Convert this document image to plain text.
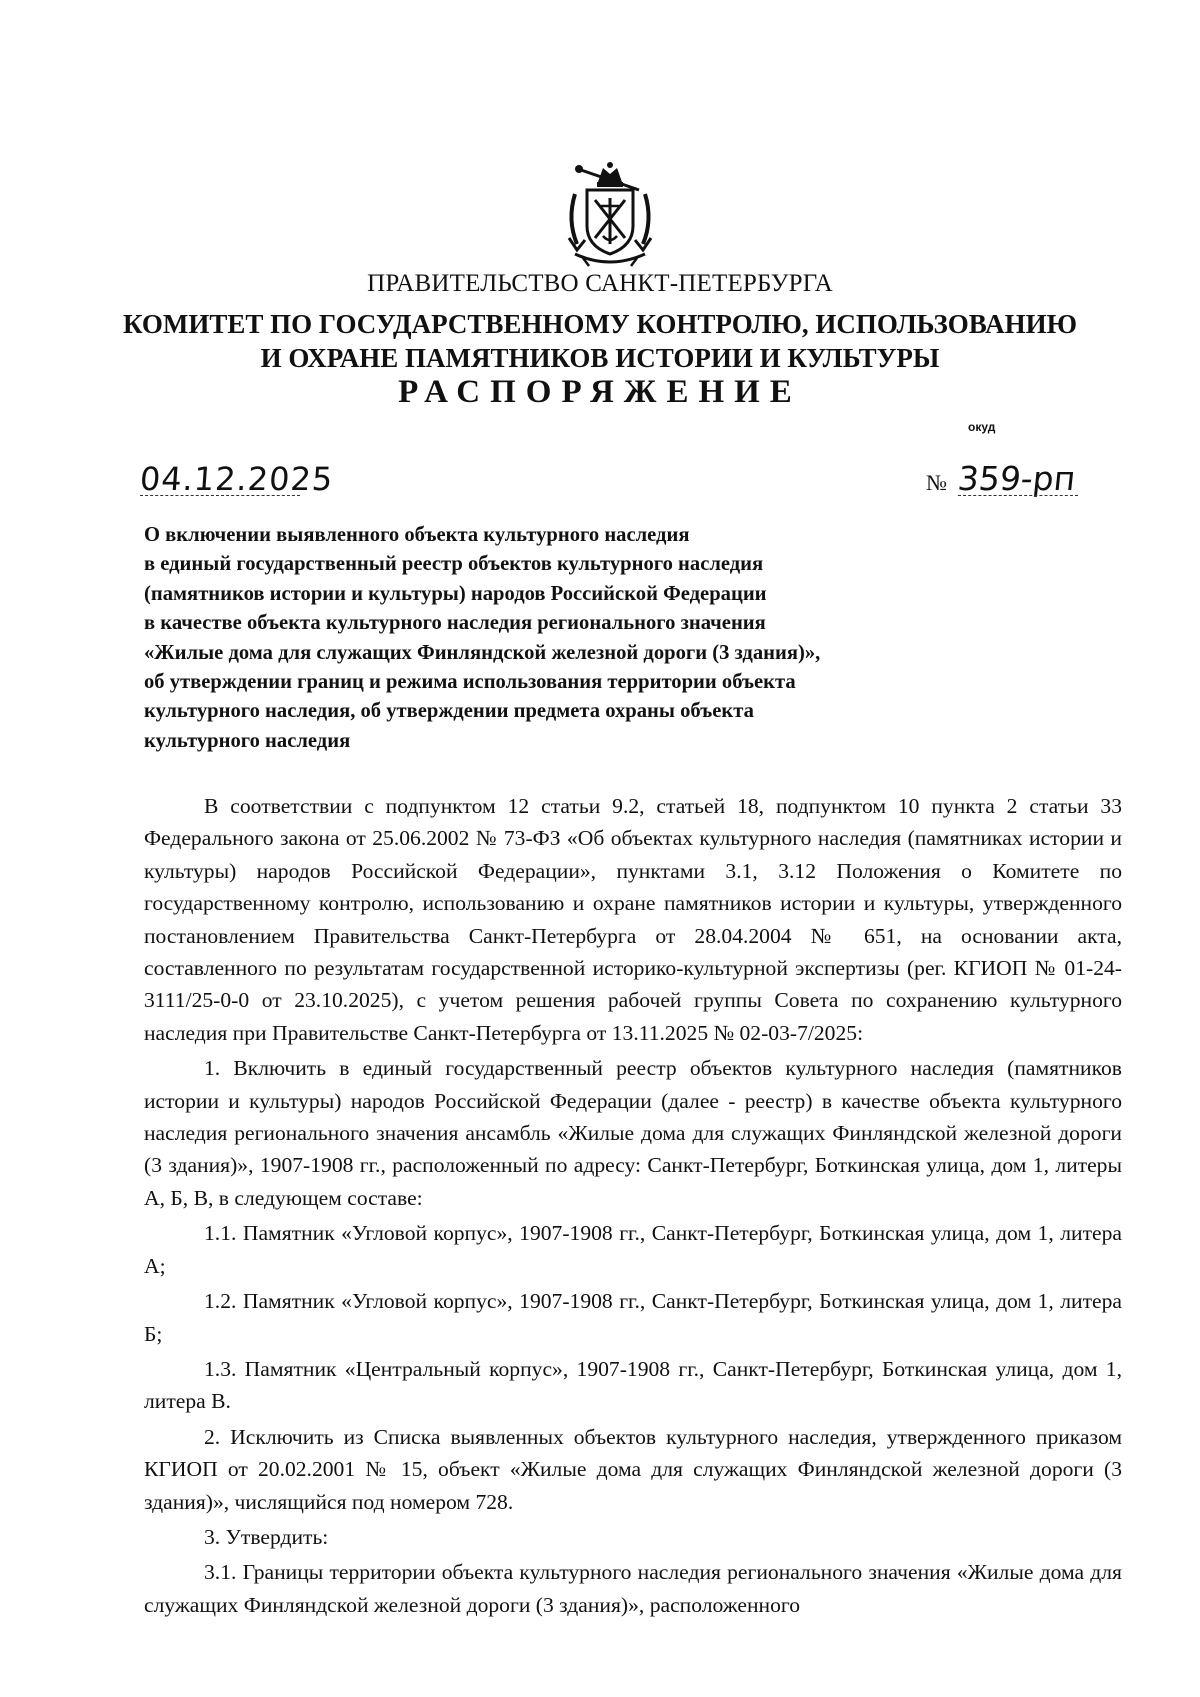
ПРАВИТЕЛЬСТВО САНКТ-ПЕТЕРБУРГА
КОМИТЕТ ПО ГОСУДАРСТВЕННОМУ КОНТРОЛЮ, ИСПОЛЬЗОВАНИЮ
И ОХРАНЕ ПАМЯТНИКОВ ИСТОРИИ И КУЛЬТУРЫ
РАСПОРЯЖЕНИЕ
окуд
04.12.2025	№ 359-рп
О включении выявленного объекта культурного наследия
в единый государственный реестр объектов культурного наследия
(памятников истории и культуры) народов Российской Федерации
в качестве объекта культурного наследия регионального значения
«Жилые дома для служащих Финляндской железной дороги (3 здания)»,
об утверждении границ и режима использования территории объекта
культурного наследия, об утверждении предмета охраны объекта
культурного наследия

В соответствии с подпунктом 12 статьи 9.2, статьей 18, подпунктом 10 пункта 2 статьи 33 Федерального закона от 25.06.2002 № 73-ФЗ «Об объектах культурного наследия (памятниках истории и культуры) народов Российской Федерации», пунктами 3.1, 3.12 Положения о Комитете по государственному контролю, использованию и охране памятников истории и культуры, утвержденного постановлением Правительства Санкт-Петербурга от 28.04.2004 № 651, на основании акта, составленного по результатам государственной историко-культурной экспертизы (рег. КГИОП № 01-24-3111/25-0-0 от 23.10.2025), с учетом решения рабочей группы Совета по сохранению культурного наследия при Правительстве Санкт-Петербурга от 13.11.2025 № 02-03-7/2025:

1. Включить в единый государственный реестр объектов культурного наследия (памятников истории и культуры) народов Российской Федерации (далее - реестр) в качестве объекта культурного наследия регионального значения ансамбль «Жилые дома для служащих Финляндской железной дороги (3 здания)», 1907-1908 гг., расположенный по адресу: Санкт-Петербург, Боткинская улица, дом 1, литеры А, Б, В, в следующем составе:

1.1. Памятник «Угловой корпус», 1907-1908 гг., Санкт-Петербург, Боткинская улица, дом 1, литера А;

1.2. Памятник «Угловой корпус», 1907-1908 гг., Санкт-Петербург, Боткинская улица, дом 1, литера Б;

1.3. Памятник «Центральный корпус», 1907-1908 гг., Санкт-Петербург, Боткинская улица, дом 1, литера В.

2. Исключить из Списка выявленных объектов культурного наследия, утвержденного приказом КГИОП от 20.02.2001 № 15, объект «Жилые дома для служащих Финляндской железной дороги (3 здания)», числящийся под номером 728.

3. Утвердить:

3.1. Границы территории объекта культурного наследия регионального значения «Жилые дома для служащих Финляндской железной дороги (3 здания)», расположенного
